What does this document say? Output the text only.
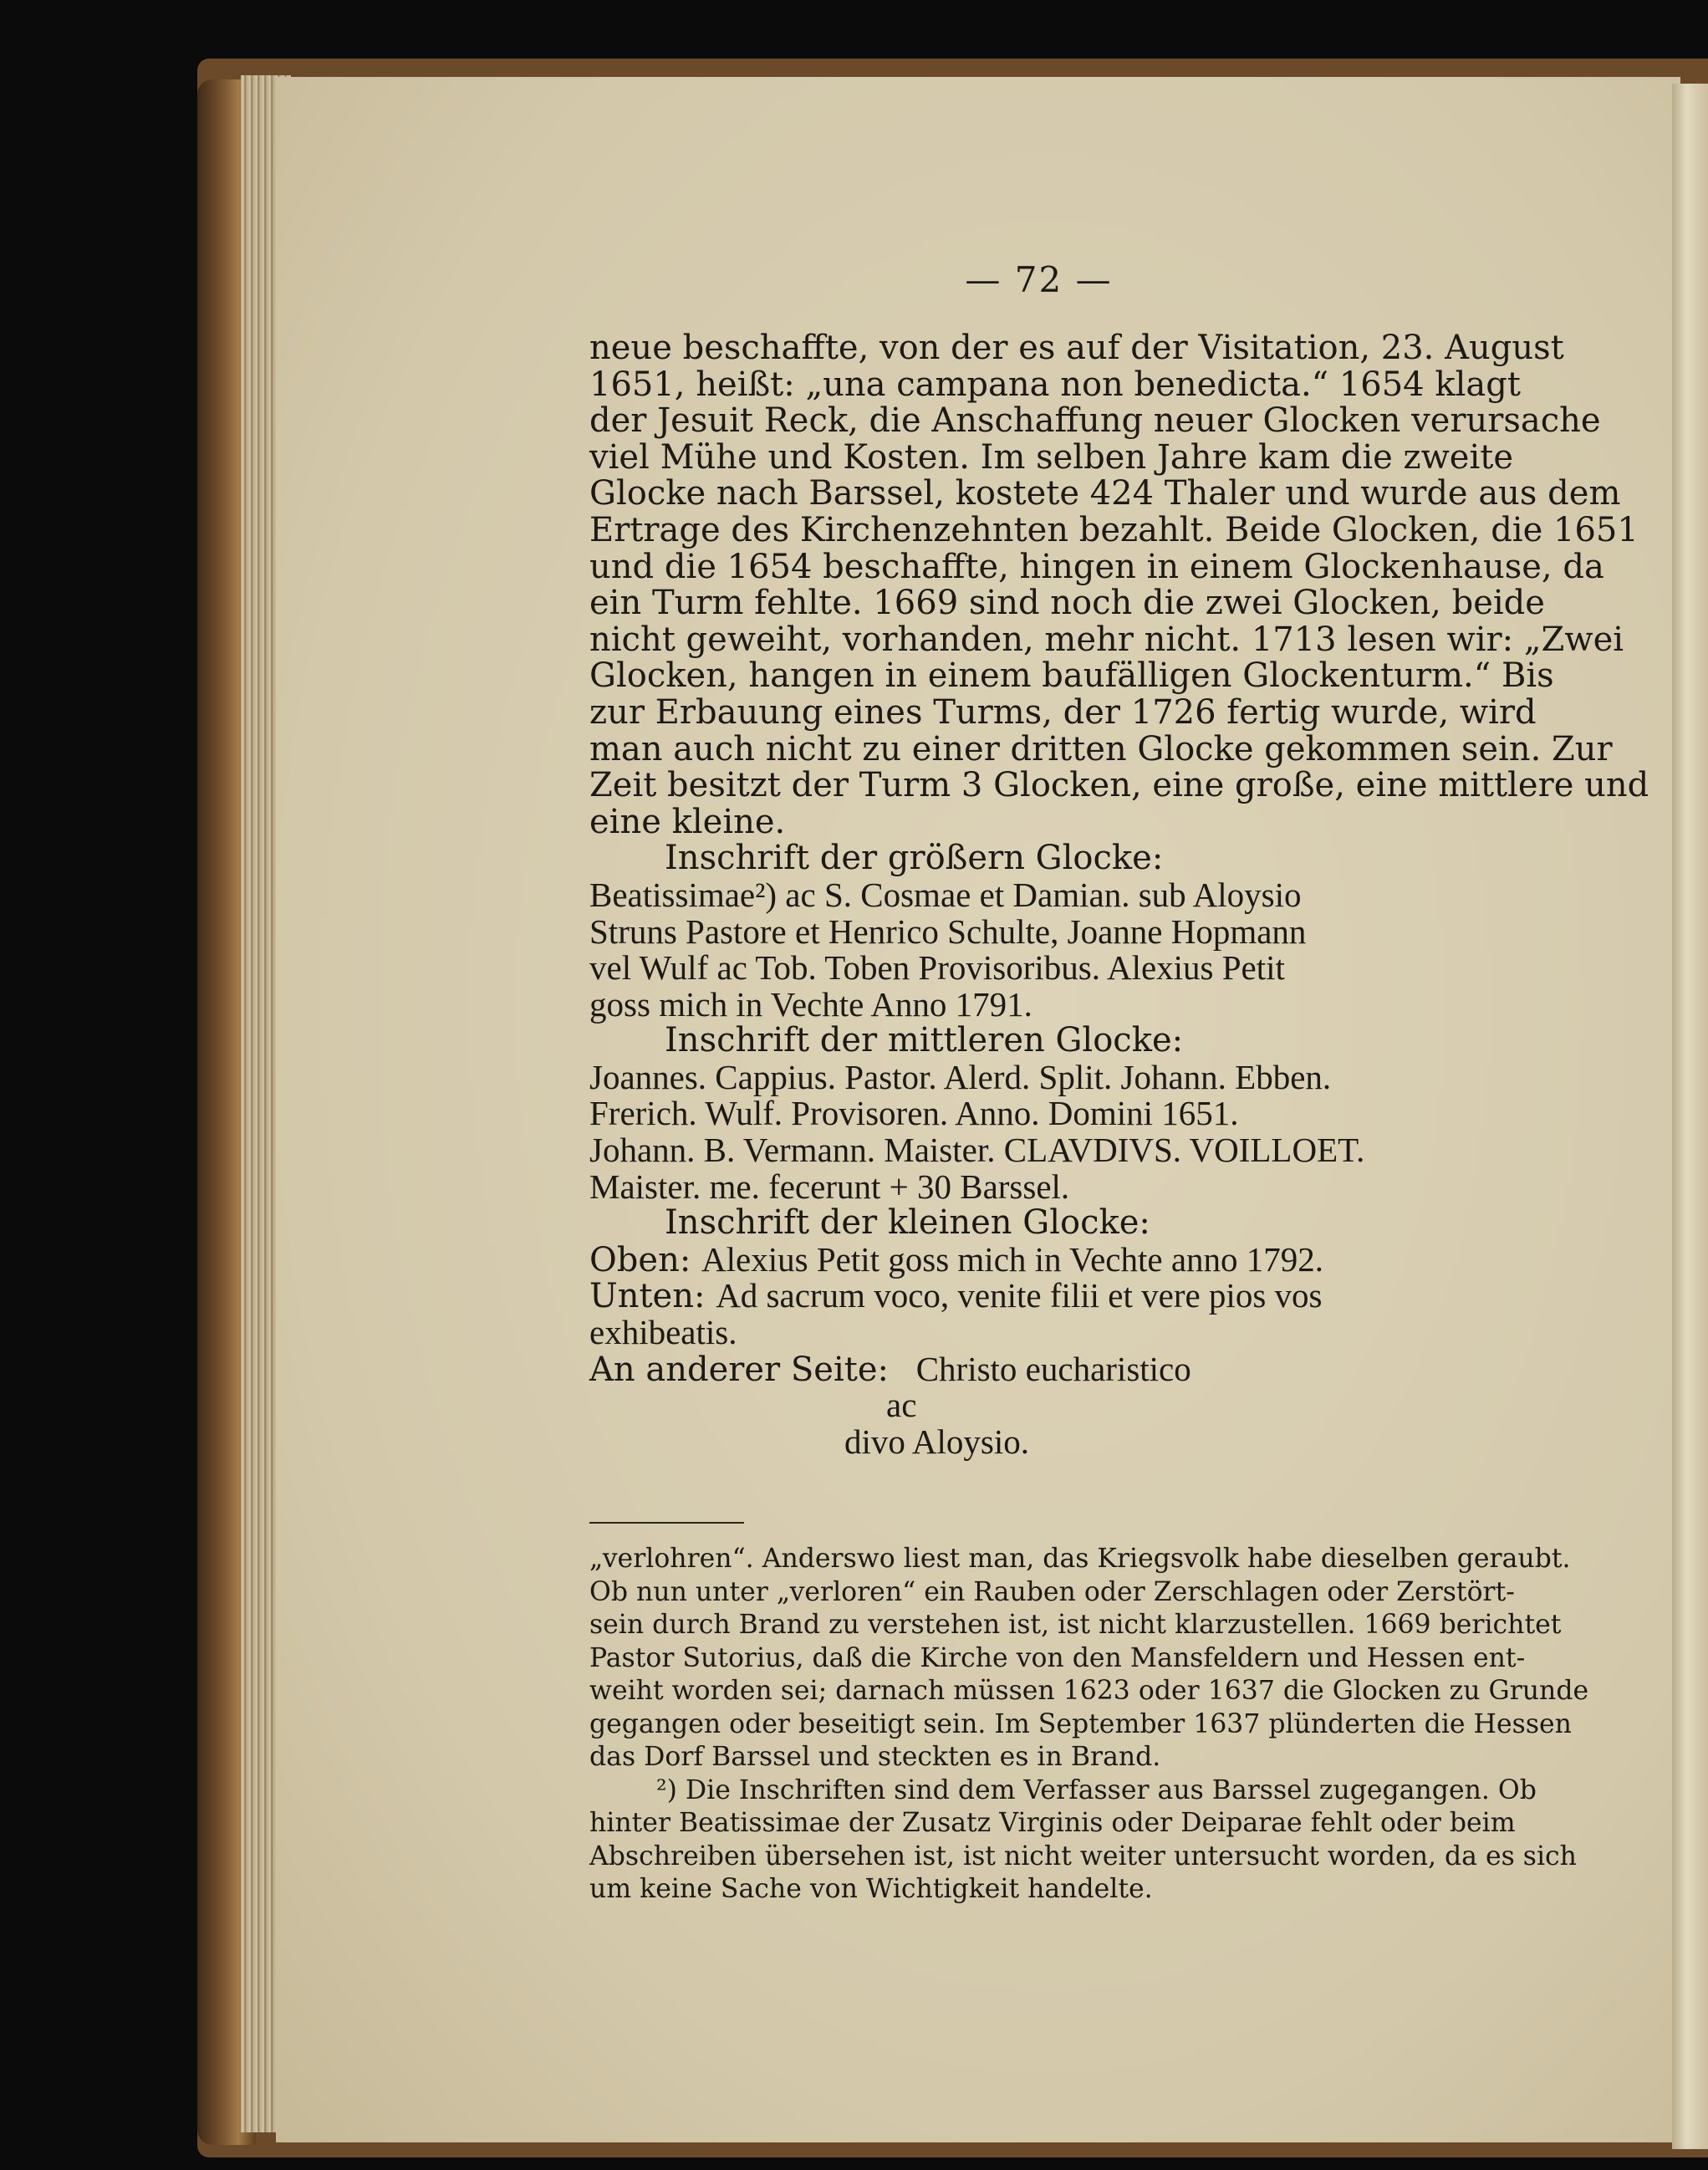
— 72 —
neue beschaffte, von der es auf der Visitation, 23. August
1651, heißt: „una campana non benedicta.“ 1654 klagt
der Jesuit Reck, die Anschaffung neuer Glocken verursache
viel Mühe und Kosten. Im selben Jahre kam die zweite
Glocke nach Barssel, kostete 424 Thaler und wurde aus dem
Ertrage des Kirchenzehnten bezahlt. Beide Glocken, die 1651
und die 1654 beschaffte, hingen in einem Glockenhause, da
ein Turm fehlte. 1669 sind noch die zwei Glocken, beide
nicht geweiht, vorhanden, mehr nicht. 1713 lesen wir: „Zwei
Glocken, hangen in einem baufälligen Glockenturm.“ Bis
zur Erbauung eines Turms, der 1726 fertig wurde, wird
man auch nicht zu einer dritten Glocke gekommen sein. Zur
Zeit besitzt der Turm 3 Glocken, eine große, eine mittlere und
eine kleine.
Inschrift der größern Glocke:
Beatissimae²) ac S. Cosmae et Damian. sub Aloysio
Struns Pastore et Henrico Schulte, Joanne Hopmann
vel Wulf ac Tob. Toben Provisoribus. Alexius Petit
goss mich in Vechte Anno 1791.
Inschrift der mittleren Glocke:
Joannes. Cappius. Pastor. Alerd. Split. Johann. Ebben.
Frerich. Wulf. Provisoren. Anno. Domini 1651.
Johann. B. Vermann. Maister. CLAVDIVS. VOILLOET.
Maister. me. fecerunt + 30 Barssel.
Inschrift der kleinen Glocke:
Oben: Alexius Petit goss mich in Vechte anno 1792.
Unten: Ad sacrum voco, venite filii et vere pios vos
exhibeatis.
An anderer Seite: Christo eucharistico
ac
divo Aloysio.
„verlohren“. Anderswo liest man, das Kriegsvolk habe dieselben geraubt.
Ob nun unter „verloren“ ein Rauben oder Zerschlagen oder Zerstört-
sein durch Brand zu verstehen ist, ist nicht klarzustellen. 1669 berichtet
Pastor Sutorius, daß die Kirche von den Mansfeldern und Hessen ent-
weiht worden sei; darnach müssen 1623 oder 1637 die Glocken zu Grunde
gegangen oder beseitigt sein. Im September 1637 plünderten die Hessen
das Dorf Barssel und steckten es in Brand.
²) Die Inschriften sind dem Verfasser aus Barssel zugegangen. Ob
hinter Beatissimae der Zusatz Virginis oder Deiparae fehlt oder beim
Abschreiben übersehen ist, ist nicht weiter untersucht worden, da es sich
um keine Sache von Wichtigkeit handelte.
